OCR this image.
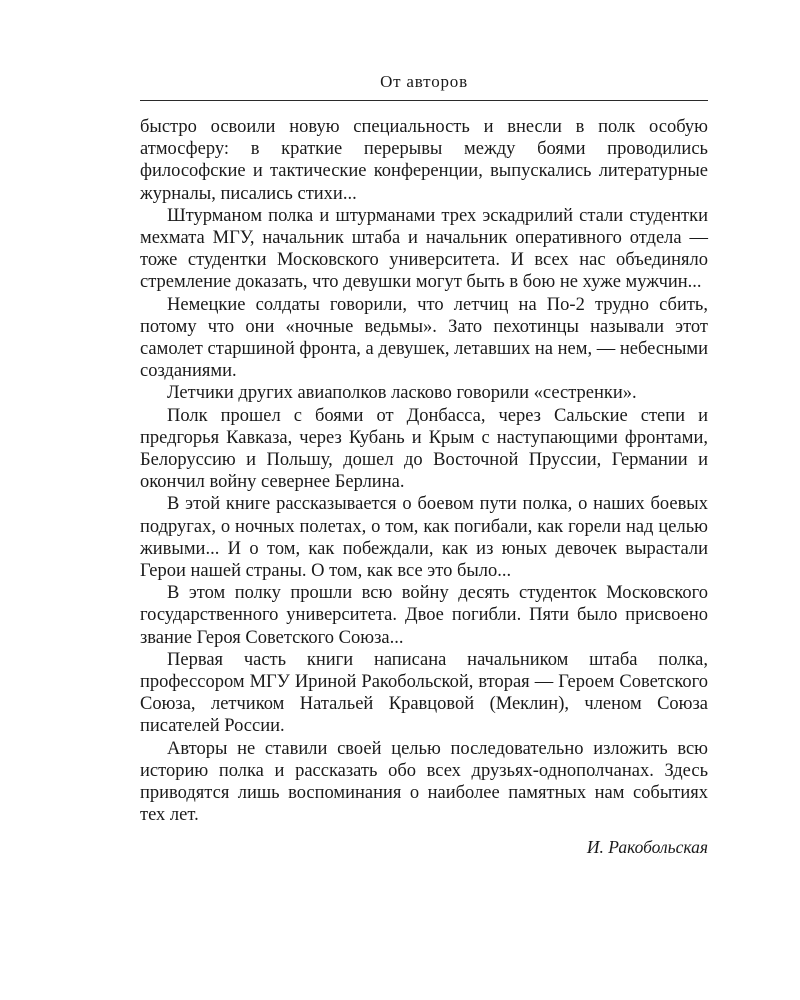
От авторов

быстро освоили новую специальность и внесли в полк особую атмосферу: в краткие перерывы между боями проводились философские и тактические конференции, выпускались литературные журналы, писались стихи...

Штурманом полка и штурманами трех эскадрилий стали студентки мехмата МГУ, начальник штаба и начальник оперативного отдела — тоже студентки Московского университета. И всех нас объединяло стремление доказать, что девушки могут быть в бою не хуже мужчин...

Немецкие солдаты говорили, что летчиц на По-2 трудно сбить, потому что они «ночные ведьмы». Зато пехотинцы называли этот самолет старшиной фронта, а девушек, летавших на нем, — небесными созданиями.

Летчики других авиаполков ласково говорили «сестренки».

Полк прошел с боями от Донбасса, через Сальские степи и предгорья Кавказа, через Кубань и Крым с наступающими фронтами, Белоруссию и Польшу, дошел до Восточной Пруссии, Германии и окончил войну севернее Берлина.

В этой книге рассказывается о боевом пути полка, о наших боевых подругах, о ночных полетах, о том, как погибали, как горели над целью живыми... И о том, как побеждали, как из юных девочек вырастали Герои нашей страны. О том, как все это было...

В этом полку прошли всю войну десять студенток Московского государственного университета. Двое погибли. Пяти было присвоено звание Героя Советского Союза...

Первая часть книги написана начальником штаба полка, профессором МГУ Ириной Ракобольской, вторая — Героем Советского Союза, летчиком Натальей Кравцовой (Меклин), членом Союза писателей России.

Авторы не ставили своей целью последовательно изложить всю историю полка и рассказать обо всех друзьях-однополчанах. Здесь приводятся лишь воспоминания о наиболее памятных нам событиях тех лет.

И. Ракобольская
